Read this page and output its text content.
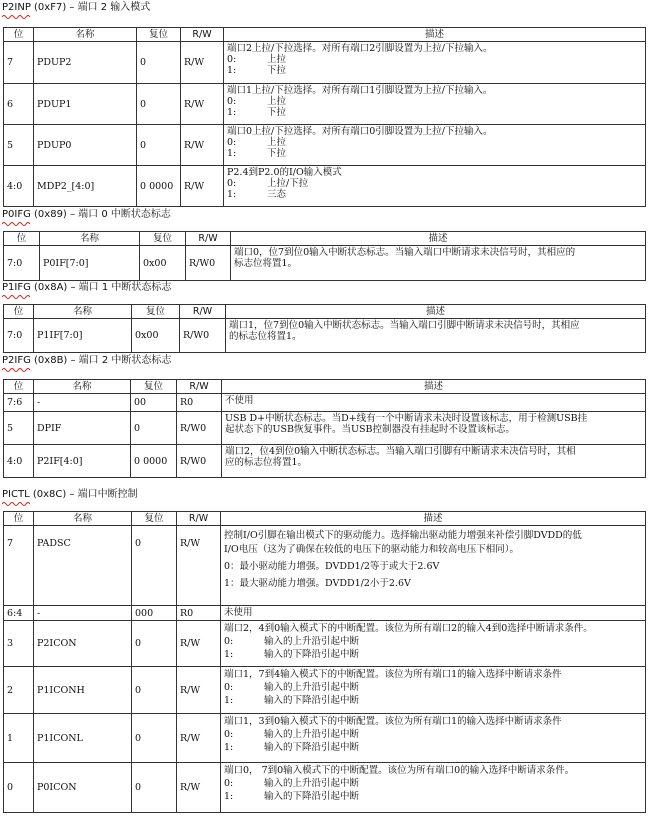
P2INP (0xF7) – 端口 2 输入模式
位	名称	复位	R/W	描述
7	PDUP2	0	R/W	端口2上拉/下拉选择。对所有端口2引脚设置为上拉/下拉输入。
0: 上拉
1: 下拉

6	PDUP1	0	R/W	端口1上拉/下拉选择。对所有端口1引脚设置为上拉/下拉输入。
0: 上拉
1: 下拉

5	PDUP0	0	R/W	端口0上拉/下拉选择。对所有端口0引脚设置为上拉/下拉输入。
0: 上拉
1: 下拉

4:0	MDP2_[4:0]	0 0000	R/W	P2.4到P2.0的I/O输入模式
0: 上拉/下拉
1: 三态
P0IFG (0x89) – 端口 0 中断状态标志
位	名称	复位	R/W	描述
7:0	P0IF[7:0]	0x00	R/W0	端口0，位7到位0输入中断状态标志。当输入端口中断请求未决信号时，其相应的
标志位将置1。
P1IFG (0x8A) – 端口 1 中断状态标志
位	名称	复位	R/W	描述
7:0	P1IF[7:0]	0x00	R/W0	端口1，位7到位0输入中断状态标志。当输入端口引脚中断请求未决信号时，其相应
的标志位将置1。
P2IFG (0x8B) – 端口 2 中断状态标志
位	名称	复位	R/W	描述
7:6	-	00	R0	不使用

5	DPIF	0	R/W0	USB D+中断状态标志。当D+线有一个中断请求未决时设置该标志，用于检测USB挂
起状态下的USB恢复事件。当USB控制器没有挂起时不设置该标志。

4:0	P2IF[4:0]	0 0000	R/W0	端口2，位4到位0输入中断状态标志。当输入端口引脚有中断请求未决信号时，其相
应的标志位将置1。
PICTL (0x8C) – 端口中断控制
位	名称	复位	R/W	描述
7	PADSC	0	R/W	控制I/O引脚在输出模式下的驱动能力。选择输出驱动能力增强来补偿引脚DVDD的低
I/O电压（这为了确保在较低的电压下的驱动能力和较高电压下相同）。
0：最小驱动能力增强。DVDD1/2等于或大于2.6V
1：最大驱动能力增强。DVDD1/2小于2.6V

6:4	-	000	R0	未使用

3	P2ICON	0	R/W	端口2，4到0输入模式下的中断配置。该位为所有端口2的输入4到0选择中断请求条件。
0: 输入的上升沿引起中断
1: 输入的下降沿引起中断

2	P1ICONH	0	R/W	端口1，7到4输入模式下的中断配置。该位为所有端口1的输入选择中断请求条件
0: 输入的上升沿引起中断
1: 输入的下降沿引起中断

1	P1ICONL	0	R/W	端口1，3到0输入模式下的中断配置。该位为所有端口1的输入选择中断请求条件
0: 输入的上升沿引起中断
1: 输入的下降沿引起中断

0	P0ICON	0	R/W	端口0， 7到0输入模式下的中断配置。该位为所有端口0的输入选择中断请求条件。
0: 输入的上升沿引起中断
1: 输入的下降沿引起中断
